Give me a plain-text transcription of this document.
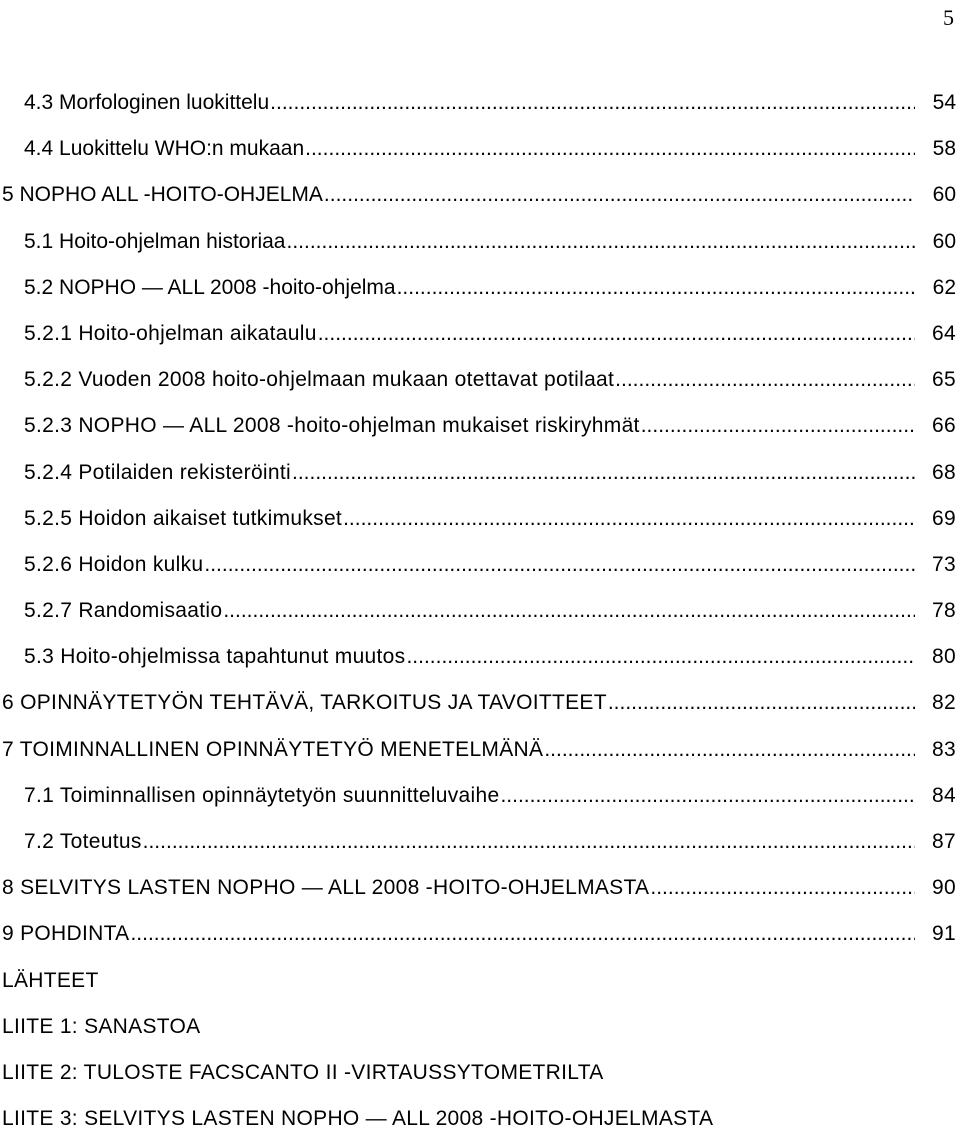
5
4.3 Morfologinen luokittelu .....	54
4.4 Luokittelu WHO:n mukaan .....	58
5 NOPHO ALL -HOITO-OHJELMA .....	60
5.1 Hoito-ohjelman historiaa .....	60
5.2 NOPHO — ALL 2008 -hoito-ohjelma .....	62
5.2.1 Hoito-ohjelman aikataulu .....	64
5.2.2 Vuoden 2008 hoito-ohjelmaan mukaan otettavat potilaat .....	65
5.2.3 NOPHO — ALL 2008 -hoito-ohjelman mukaiset riskiryhmät .....	66
5.2.4 Potilaiden rekisteröinti .....	68
5.2.5 Hoidon aikaiset tutkimukset .....	69
5.2.6 Hoidon kulku .....	73
5.2.7 Randomisaatio .....	78
5.3 Hoito-ohjelmissa tapahtunut muutos .....	80
6 OPINNÄYTETYÖN TEHTÄVÄ, TARKOITUS JA TAVOITTEET .....	82
7 TOIMINNALLINEN OPINNÄYTETYÖ MENETELMÄNÄ .....	83
7.1 Toiminnallisen opinnäytetyön suunnitteluvaihe .....	84
7.2 Toteutus .....	87
8 SELVITYS LASTEN NOPHO — ALL 2008 -HOITO-OHJELMASTA .....	90
9 POHDINTA .....	91
LÄHTEET
LIITE 1: SANASTOA
LIITE 2: TULOSTE FACSCANTO II -VIRTAUSSYTOMETRILTA
LIITE 3: SELVITYS LASTEN NOPHO — ALL 2008 -HOITO-OHJELMASTA
